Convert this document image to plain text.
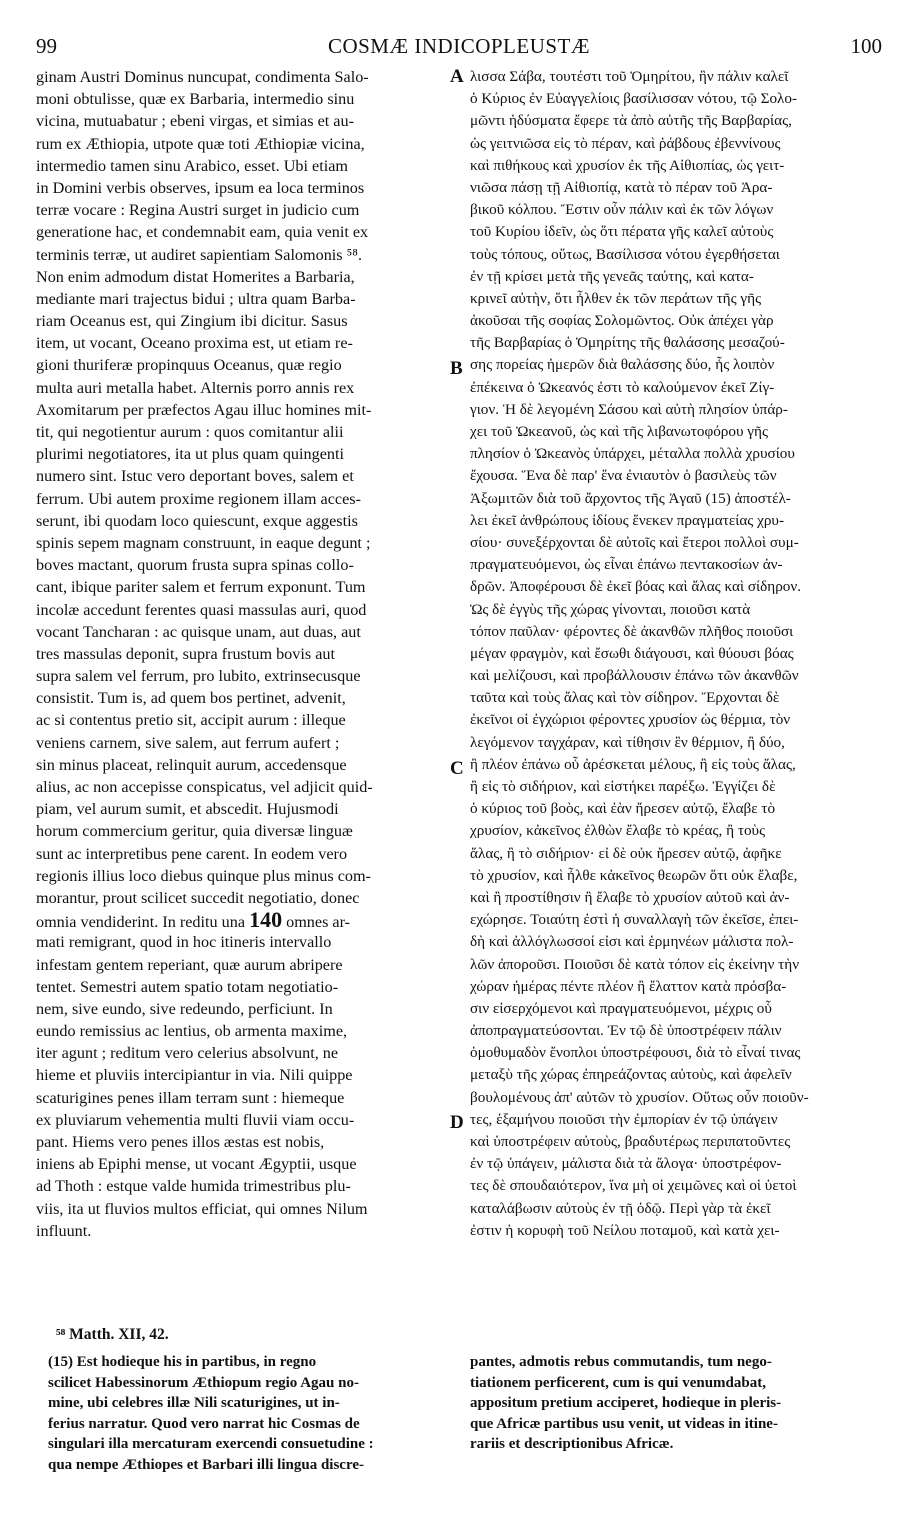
99	COSMÆ INDICOPLEUSTÆ	100
ginam Austri Dominus nuncupat, condimenta Salo-
moni obtulisse, quæ ex Barbaria, intermedio sinu
vicina, mutuabatur ; ebeni virgas, et simias et au-
rum ex Æthiopia, utpote quæ toti Æthiopiæ vicina,
intermedio tamen sinu Arabico, esset. Ubi etiam
in Domini verbis observes, ipsum ea loca terminos
terræ vocare : Regina Austri surget in judicio cum
generatione hac, et condemnabit eam, quia venit ex
terminis terræ, ut audiret sapientiam Salomonis ⁵⁸.
Non enim admodum distat Homerites a Barbaria,
mediante mari trajectus bidui ; ultra quam Barba-
riam Oceanus est, qui Zingium ibi dicitur. Sasus
item, ut vocant, Oceano proxima est, ut etiam re-
gioni thuriferæ propinquus Oceanus, quæ regio
multa auri metalla habet. Alternis porro annis rex
Axomitarum per præfectos Agau illuc homines mit-
tit, qui negotientur aurum : quos comitantur alii
plurimi negotiatores, ita ut plus quam quingenti
numero sint. Istuc vero deportant boves, salem et
ferrum. Ubi autem proxime regionem illam acces-
serunt, ibi quodam loco quiescunt, exque aggestis
spinis sepem magnam construunt, in eaque degunt ;
boves mactant, quorum frusta supra spinas collo-
cant, ibique pariter salem et ferrum exponunt. Tum
incolæ accedunt ferentes quasi massulas auri, quod
vocant Tancharan : ac quisque unam, aut duas, aut
tres massulas deponit, supra frustum bovis aut
supra salem vel ferrum, pro lubito, extrinsecusque
consistit. Tum is, ad quem bos pertinet, advenit,
ac si contentus pretio sit, accipit aurum : illeque
veniens carnem, sive salem, aut ferrum aufert ;
sin minus placeat, relinquit aurum, accedensque
alius, ac non accepisse conspicatus, vel adjicit quid-
piam, vel aurum sumit, et abscedit. Hujusmodi
horum commercium geritur, quia diversæ linguæ
sunt ac interpretibus pene carent. In eodem vero
regionis illius loco diebus quinque plus minus com-
morantur, prout scilicet succedit negotiatio, donec
omnia vendiderint. In reditu una 140 omnes ar-
mati remigrant, quod in hoc itineris intervallo
infestam gentem reperiant, quæ aurum abripere
tentet. Semestri autem spatio totam negotiatio-
nem, sive eundo, sive redeundo, perficiunt. In
eundo remissius ac lentius, ob armenta maxime,
iter agunt ; reditum vero celerius absolvunt, ne
hieme et pluviis intercipiantur in via. Nili quippe
scaturigines penes illam terram sunt : hiemeque
ex pluviarum vehementia multi fluvii viam occu-
pant. Hiems vero penes illos æstas est nobis,
iniens ab Epiphi mense, ut vocant Ægyptii, usque
ad Thoth : estque valde humida trimestribus plu-
viis, ita ut fluvios multos efficiat, qui omnes Nilum
influunt.
λισσα Σάβα, τουτέστι τοῦ Ὁμηρίτου, ἣν πάλιν καλεῖ
ὁ Κύριος ἐν Εὐαγγελίοις βασίλισσαν νότου, τῷ Σολο-
μῶντι ἡδύσματα ἔφερε τὰ ἀπὸ αὐτῆς τῆς Βαρβαρίας,
ὡς γειτνιῶσα εἰς τὸ πέραν, καὶ ῥάβδους ἐβεννίνους
καὶ πιθήκους καὶ χρυσίον ἐκ τῆς Αἰθιοπίας, ὡς γειτ-
νιῶσα πάσῃ τῇ Αἰθιοπίᾳ, κατὰ τὸ πέραν τοῦ Ἀρα-
βικοῦ κόλπου. Ἔστιν οὖν πάλιν καὶ ἐκ τῶν λόγων
τοῦ Κυρίου ἰδεῖν, ὡς ὅτι πέρατα γῆς καλεῖ αὐτοὺς
τοὺς τόπους, οὕτως, Βασίλισσα νότου ἐγερθήσεται
ἐν τῇ κρίσει μετὰ τῆς γενεᾶς ταύτης, καὶ κατα-
κρινεῖ αὐτὴν, ὅτι ἦλθεν ἐκ τῶν περάτων τῆς γῆς
ἀκοῦσαι τῆς σοφίας Σολομῶντος. Οὐκ ἀπέχει γὰρ
τῆς Βαρβαρίας ὁ Ὁμηρίτης τῆς θαλάσσης μεσαζού-
σης πορείας ἡμερῶν διὰ θαλάσσης δύο, ἧς λοιπὸν
ἐπέκεινα ὁ Ὠκεανός ἐστι τὸ καλούμενον ἐκεῖ Ζίγ-
γιον. Ἡ δὲ λεγομένη Σάσου καὶ αὐτὴ πλησίον ὑπάρ-
χει τοῦ Ὠκεανοῦ, ὡς καὶ τῆς λιβανωτοφόρου γῆς
πλησίον ὁ Ὠκεανὸς ὑπάρχει, μέταλλα πολλὰ χρυσίου
ἔχουσα. Ἕνα δὲ παρ' ἕνα ἐνιαυτὸν ὁ βασιλεὺς τῶν
Ἀξωμιτῶν διὰ τοῦ ἄρχοντος τῆς Ἀγαῦ (15) ἀποστέλ-
λει ἐκεῖ ἀνθρώπους ἰδίους ἕνεκεν πραγματείας χρυ-
σίου· συνεξέρχονται δὲ αὐτοῖς καὶ ἕτεροι πολλοὶ συμ-
πραγματευόμενοι, ὡς εἶναι ἐπάνω πεντακοσίων ἀν-
δρῶν. Ἀποφέρουσι δὲ ἐκεῖ βόας καὶ ἅλας καὶ σίδηρον.
Ὡς δὲ ἐγγὺς τῆς χώρας γίνονται, ποιοῦσι κατὰ
τόπον παῦλαν· φέροντες δὲ ἀκανθῶν πλῆθος ποιοῦσι
μέγαν φραγμὸν, καὶ ἔσωθι διάγουσι, καὶ θύουσι βόας
καὶ μελίζουσι, καὶ προβάλλουσιν ἐπάνω τῶν ἀκανθῶν
ταῦτα καὶ τοὺς ἅλας καὶ τὸν σίδηρον. Ἔρχονται δὲ
ἐκεῖνοι οἱ ἐγχώριοι φέροντες χρυσίον ὡς θέρμια, τὸν
λεγόμενον ταγχάραν, καὶ τίθησιν ἓν θέρμιον, ἢ δύο,
ἢ πλέον ἐπάνω οὗ ἀρέσκεται μέλους, ἢ εἰς τοὺς ἅλας,
ἢ εἰς τὸ σιδήριον, καὶ εἱστήκει παρέξω. Ἐγγίζει δὲ
ὁ κύριος τοῦ βοὸς, καὶ ἐὰν ἤρεσεν αὐτῷ, ἔλαβε τὸ
χρυσίον, κἀκεῖνος ἐλθὼν ἔλαβε τὸ κρέας, ἢ τοὺς
ἅλας, ἢ τὸ σιδήριον· εἰ δὲ οὐκ ἤρεσεν αὐτῷ, ἀφῆκε
τὸ χρυσίον, καὶ ἦλθε κἀκεῖνος θεωρῶν ὅτι οὐκ ἔλαβε,
καὶ ἢ προστίθησιν ἢ ἔλαβε τὸ χρυσίον αὐτοῦ καὶ ἀν-
εχώρησε. Τοιαύτη ἐστὶ ἡ συναλλαγὴ τῶν ἐκεῖσε, ἐπει-
δὴ καὶ ἀλλόγλωσσοί εἰσι καὶ ἑρμηνέων μάλιστα πολ-
λῶν ἀποροῦσι. Ποιοῦσι δὲ κατὰ τόπον εἰς ἐκείνην τὴν
χώραν ἡμέρας πέντε πλέον ἢ ἔλαττον κατὰ πρόσβα-
σιν εἰσερχόμενοι καὶ πραγματευόμενοι, μέχρις οὗ
ἀποπραγματεύσονται. Ἐν τῷ δὲ ὑποστρέφειν πάλιν
ὁμοθυμαδὸν ἔνοπλοι ὑποστρέφουσι, διὰ τὸ εἶναί τινας
μεταξὺ τῆς χώρας ἐπηρεάζοντας αὐτοὺς, καὶ ἀφελεῖν
βουλομένους ἀπ' αὐτῶν τὸ χρυσίον. Οὕτως οὖν ποιοῦν-
τες, ἑξαμήνου ποιοῦσι τὴν ἐμπορίαν ἐν τῷ ὑπάγειν
καὶ ὑποστρέφειν αὐτοὺς, βραδυτέρως περιπατοῦντες
ἐν τῷ ὑπάγειν, μάλιστα διὰ τὰ ἄλογα· ὑποστρέφον-
τες δὲ σπουδαιότερον, ἵνα μὴ οἱ χειμῶνες καὶ οἱ ὑετοὶ
καταλάβωσιν αὐτοὺς ἐν τῇ ὁδῷ. Περὶ γὰρ τὰ ἐκεῖ
ἐστιν ἡ κορυφὴ τοῦ Νείλου ποταμοῦ, καὶ κατὰ χει-
A
B
C
D
⁵⁸ Matth. XII, 42.
(15) Est hodieque his in partibus, in regno
scilicet Habessinorum Æthiopum regio Agau no-
mine, ubi celebres illæ Nili scaturigines, ut in-
ferius narratur. Quod vero narrat hic Cosmas de
singulari illa mercaturam exercendi consuetudine :
qua nempe Æthiopes et Barbari illi lingua discre-
pantes, admotis rebus commutandis, tum nego-
tiationem perficerent, cum is qui venumdabat,
appositum pretium acciperet, hodieque in pleris-
que Africæ partibus usu venit, ut videas in itine-
rariis et descriptionibus Africæ.
